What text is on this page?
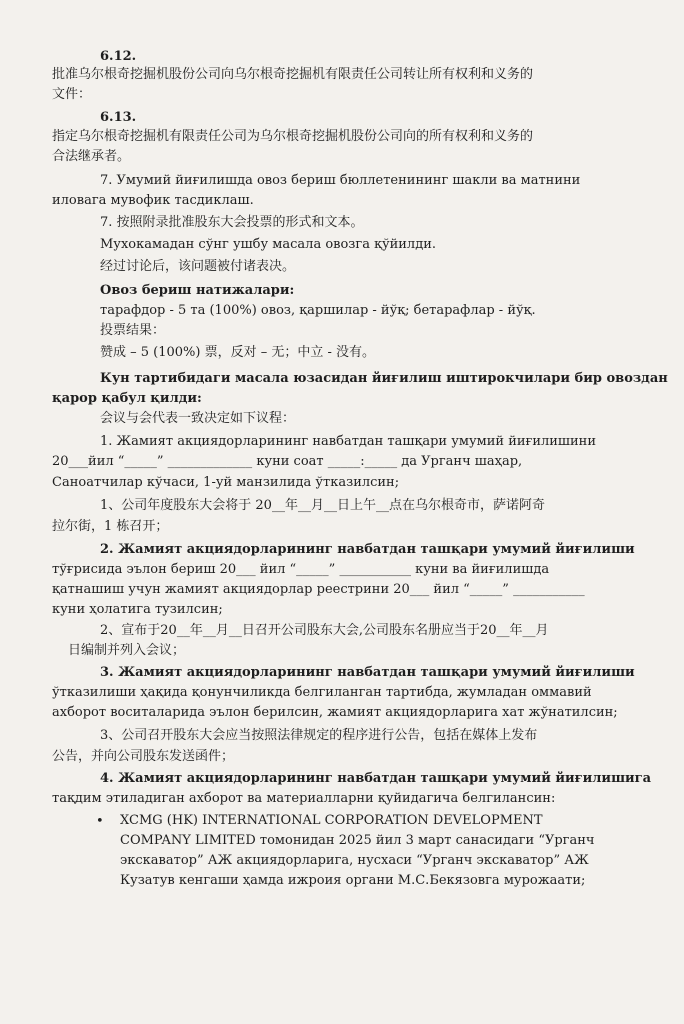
6.12.
批准乌尔根奇挖掘机股份公司向乌尔根奇挖掘机有限责任公司转让所有权利和义务的
文件：
6.13.
指定乌尔根奇挖掘机有限责任公司为乌尔根奇挖掘机股份公司向的所有权利和义务的
合法继承者。
7. Умумий йиғилишда овоз бериш бюллетенининг шакли ва матнини
иловага мувофик тасдиклаш.
7. 按照附录批准股东大会投票的形式和文本。
Мухокамадан сўнг ушбу масала овозга қўйилди.
经过讨论后，该问题被付诸表决。
Овоз бериш натижалари:
тарафдор - 5 та (100%) овоз, қаршилар - йўқ; бетарафлар - йўқ.
投票结果：
赞成 – 5 (100%) 票，反对 – 无；中立 - 没有。
Кун тартибидаги масала юзасидан йиғилиш иштирокчилари бир овоздан
қарор қабул қилди:
会议与会代表一致决定如下议程：
1. Жамият акциядорларининг навбатдан ташқари умумий йиғилишини
20___йил “_____” _____________ куни соат _____:_____ да Урганч шаҳар,
Саноатчилар кўчаси, 1-уй манзилида ўтказилсин;
1、公司年度股东大会将于 20__年__月__日上午__点在乌尔根奇市，萨诺阿奇
拉尔街，1 栋召开；
2. Жамият акциядорларининг навбатдан ташқари умумий йиғилиши
тўғрисида эълон бериш 20___ йил “_____” ___________ куни ва йиғилишда
қатнашиш учун жамият акциядорлар реестрини 20___ йил “_____” ___________
куни ҳолатига тузилсин;
2、宣布于20__年__月__日召开公司股东大会,公司股东名册应当于20__年__月
日编制并列入会议；
3. Жамият акциядорларининг навбатдан ташқари умумий йиғилиши
ўтказилиши ҳақида қонунчиликда белгиланган тартибда, жумладан оммавий
ахборот воситаларида эълон берилсин, жамият акциядорларига хат жўнатилсин;
3、公司召开股东大会应当按照法律规定的程序进行公告，包括在媒体上发布
公告，并向公司股东发送函件；
4. Жамият акциядорларининг навбатдан ташқари умумий йиғилишига
тақдим этиладиган ахборот ва материалларни қуйидагича белгилансин:
• XCMG (HK) INTERNATIONAL CORPORATION DEVELOPMENT
COMPANY LIMITED томонидан 2025 йил 3 март санасидаги “Урганч
экскаватор” АЖ акциядорларига, нусхаси “Урганч экскаватор” АЖ
Кузатув кенгаши ҳамда ижроия органи М.С.Бекязовга мурожаати;
